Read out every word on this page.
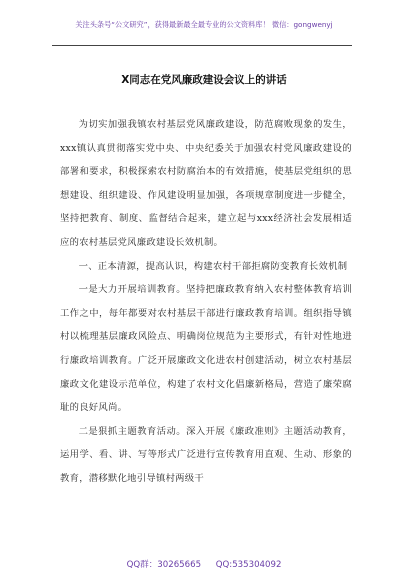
关注头条号“公文研究”，获得最新最全最专业的公文资料库！ 微信：gongwenyj
X同志在党风廉政建设会议上的讲话

为切实加强我镇农村基层党风廉政建设，防范腐败现象的发生，xxx镇认真贯彻落实党中央、中央纪委关于加强农村党风廉政建设的部署和要求，积极探索农村防腐治本的有效措施，使基层党组织的思想建设、组织建设、作风建设明显加强，各项规章制度进一步健全，坚持把教育、制度、监督结合起来，建立起与xxx经济社会发展相适应的农村基层党风廉政建设长效机制。

一、正本清源，提高认识，构建农村干部拒腐防变教育长效机制

一是大力开展培训教育。坚持把廉政教育纳入农村整体教育培训工作之中，每年都要对农村基层干部进行廉政教育培训。组织指导镇村以梳理基层廉政风险点、明确岗位规范为主要形式，有针对性地进行廉政培训教育。广泛开展廉政文化进农村创建活动，树立农村基层廉政文化建设示范单位，构建了农村文化倡廉新格局，营造了廉荣腐耻的良好风尚。

二是狠抓主题教育活动。深入开展《廉政准则》主题活动教育，运用学、看、讲、写等形式广泛进行宣传教育用直观、生动、形象的教育，潜移默化地引导镇村两级干

QQ群：30265665 QQ:535304092
